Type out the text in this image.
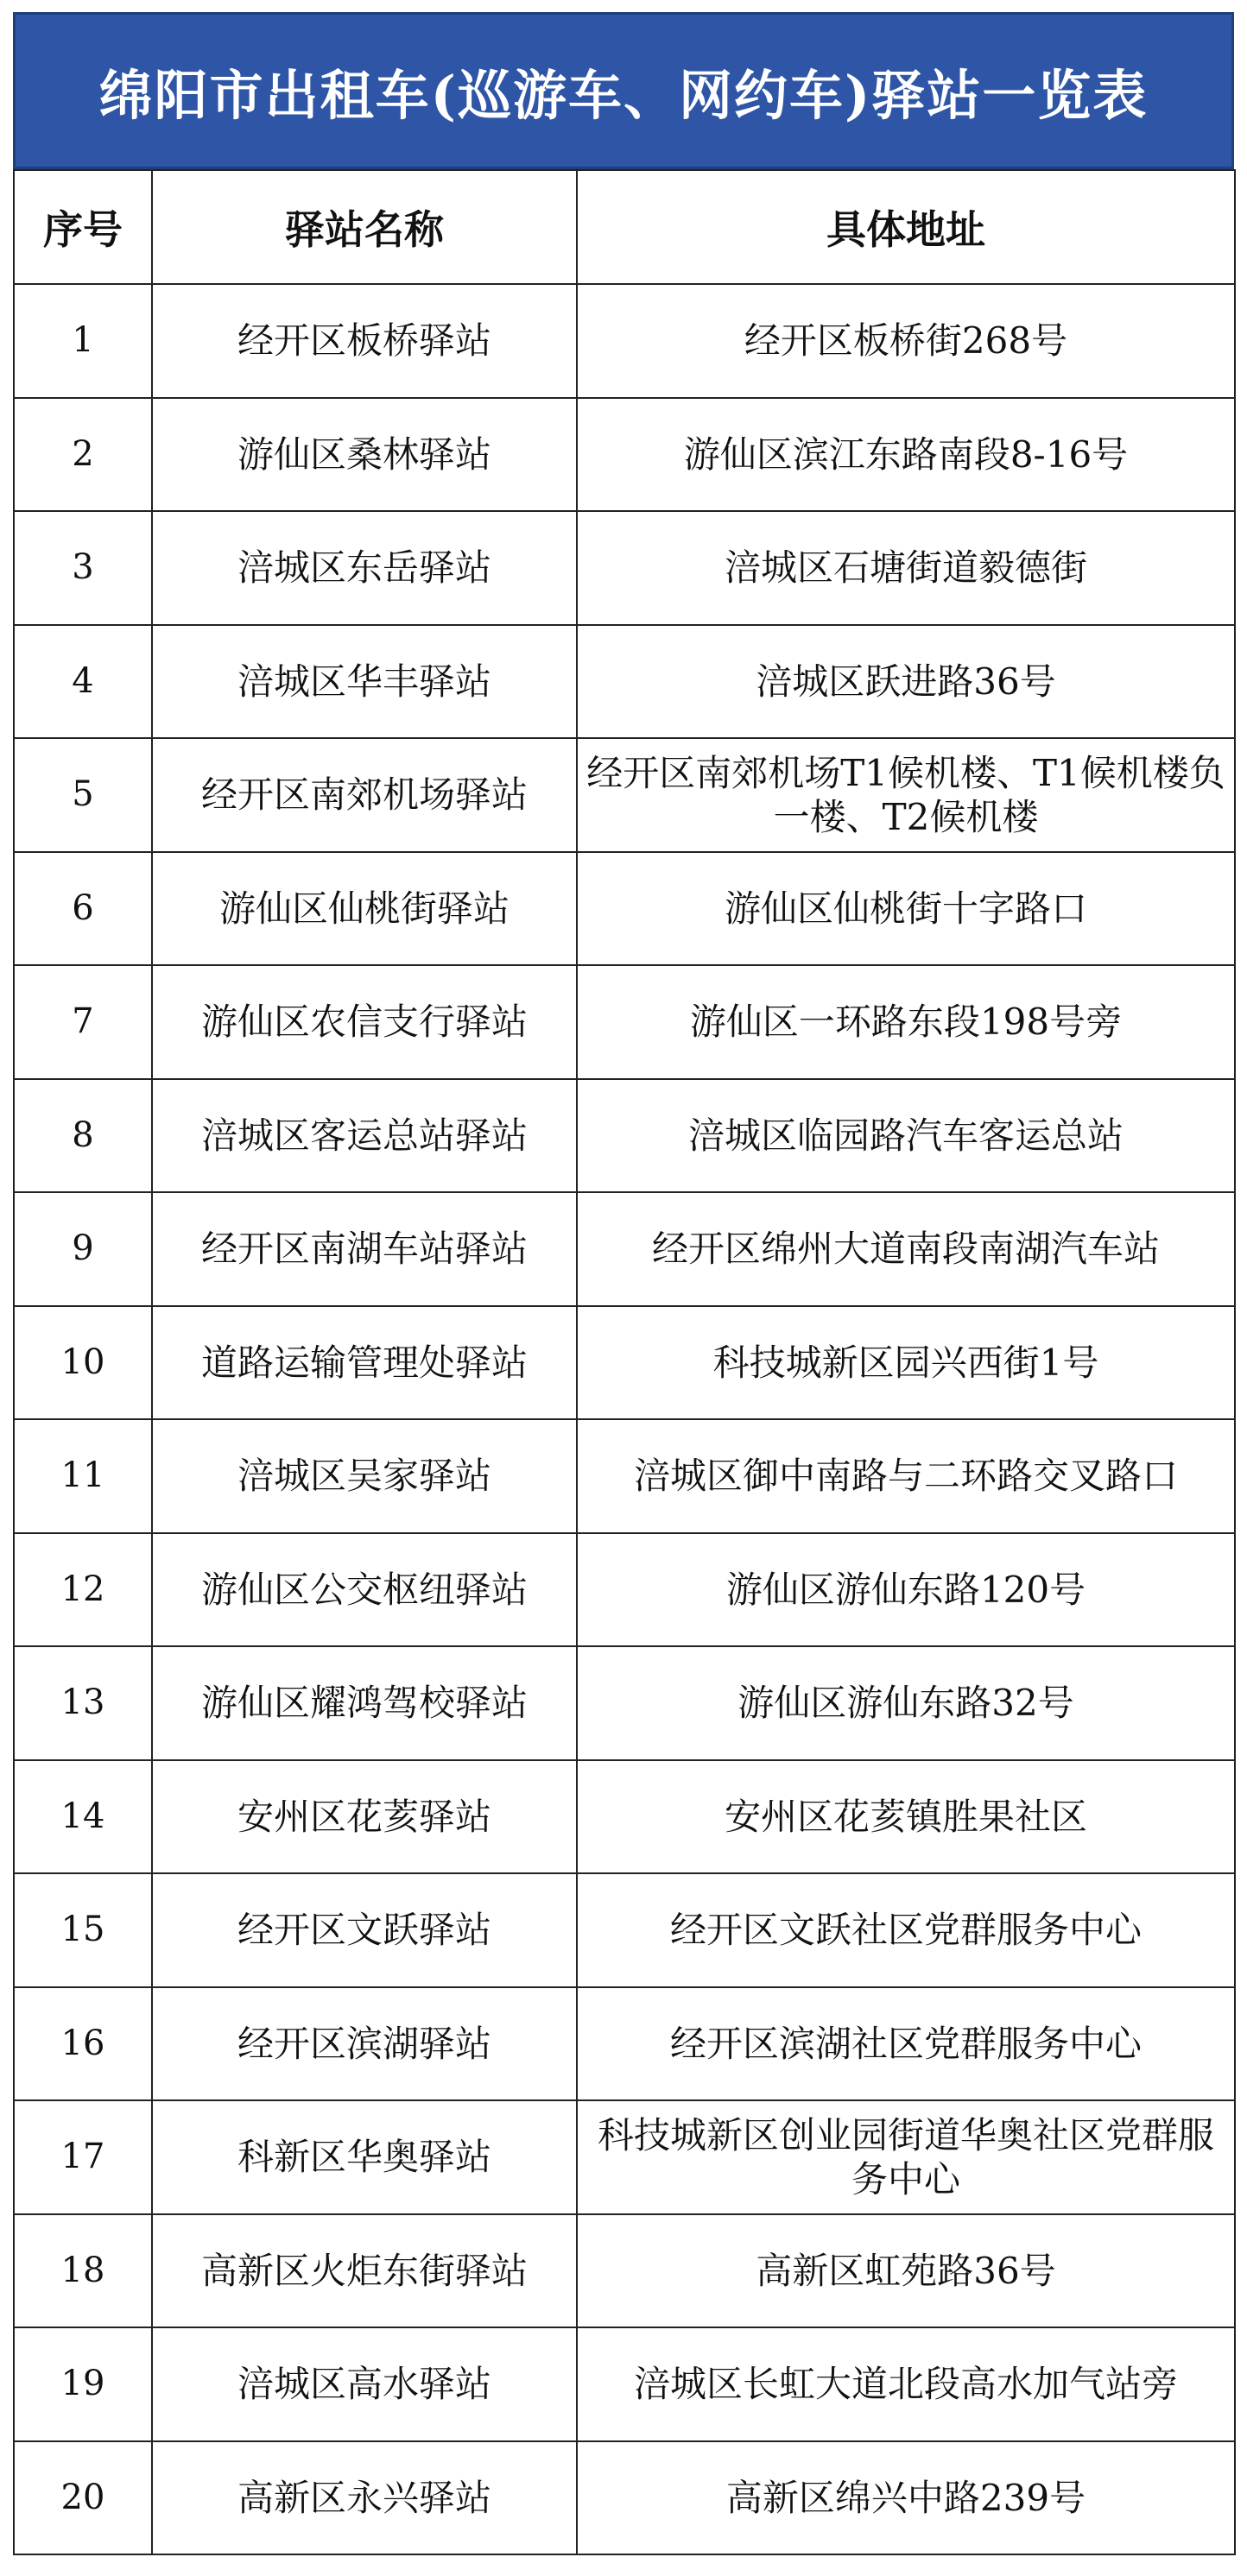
绵阳市出租车(巡游车、网约车)驿站一览表
序号	驿站名称	具体地址
1	经开区板桥驿站	经开区板桥街268号
2	游仙区桑林驿站	游仙区滨江东路南段8-16号
3	涪城区东岳驿站	涪城区石塘街道毅德街
4	涪城区华丰驿站	涪城区跃进路36号
5	经开区南郊机场驿站	经开区南郊机场T1候机楼、T1候机楼负一楼、T2候机楼
6	游仙区仙桃街驿站	游仙区仙桃街十字路口
7	游仙区农信支行驿站	游仙区一环路东段198号旁
8	涪城区客运总站驿站	涪城区临园路汽车客运总站
9	经开区南湖车站驿站	经开区绵州大道南段南湖汽车站
10	道路运输管理处驿站	科技城新区园兴西街1号
11	涪城区吴家驿站	涪城区御中南路与二环路交叉路口
12	游仙区公交枢纽驿站	游仙区游仙东路120号
13	游仙区耀鸿驾校驿站	游仙区游仙东路32号
14	安州区花荄驿站	安州区花荄镇胜果社区
15	经开区文跃驿站	经开区文跃社区党群服务中心
16	经开区滨湖驿站	经开区滨湖社区党群服务中心
17	科新区华奥驿站	科技城新区创业园街道华奥社区党群服务中心
18	高新区火炬东街驿站	高新区虹苑路36号
19	涪城区高水驿站	涪城区长虹大道北段高水加气站旁
20	高新区永兴驿站	高新区绵兴中路239号
